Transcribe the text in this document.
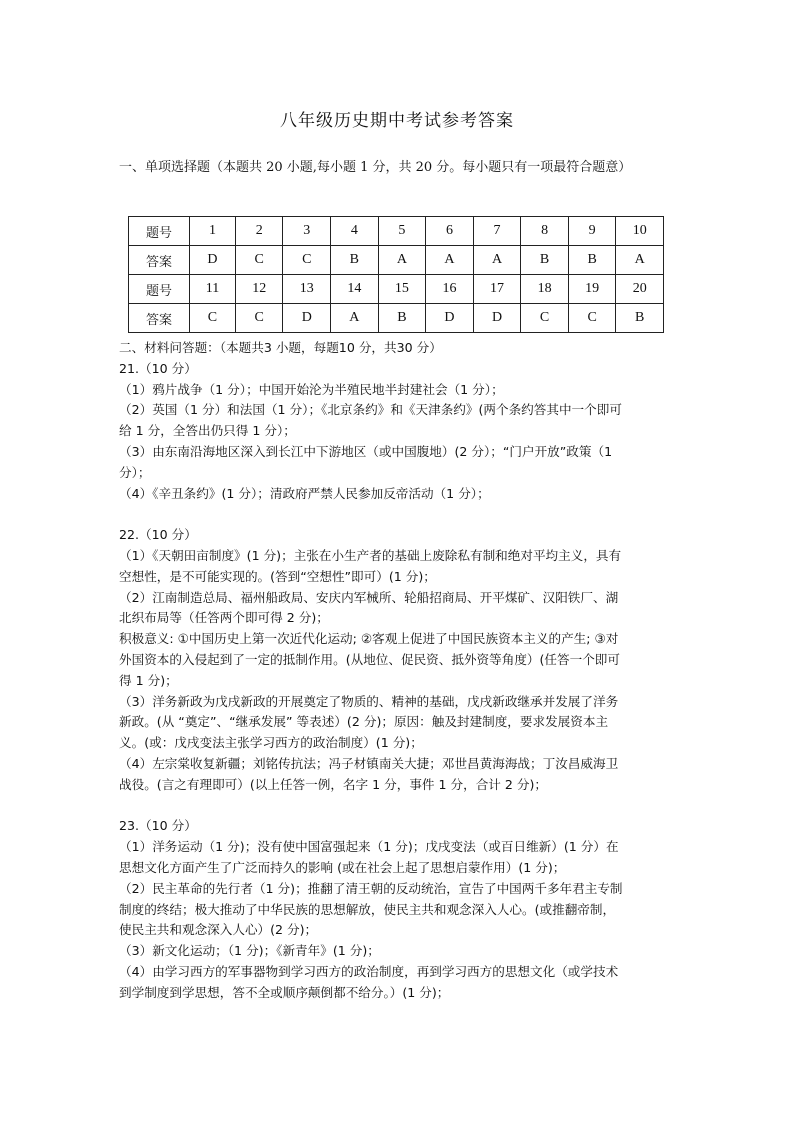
八年级历史期中考试参考答案
一、单项选择题（本题共 20 小题,每小题 1 分，共 20 分。每小题只有一项最符合题意）
题号	1	2	3	4	5	6	7	8	9	10
答案	D	C	C	B	A	A	A	B	B	A
题号	11	12	13	14	15	16	17	18	19	20
答案	C	C	D	A	B	D	D	C	C	B

二、材料问答题：（本题共3 小题，每题10 分，共30 分）

21.（10 分）

（1）鸦片战争（1 分）；中国开始沦为半殖民地半封建社会（1 分）；

（2）英国（1 分）和法国（1 分）；《北京条约》和《天津条约》(两个条约答其中一个即可

给 1 分，全答出仍只得 1 分）；

（3）由东南沿海地区深入到长江中下游地区（或中国腹地）(2 分）；“门户开放”政策（1

分）；

（4）《辛丑条约》(1 分）；清政府严禁人民参加反帝活动（1 分）；

22.（10 分）

（1）《天朝田亩制度》(1 分)；主张在小生产者的基础上废除私有制和绝对平均主义，具有

空想性，是不可能实现的。(答到“空想性”即可）(1 分)；

（2）江南制造总局、福州船政局、安庆内军械所、轮船招商局、开平煤矿、汉阳铁厂、湖

北织布局等（任答两个即可得 2 分)；

积极意义: ①中国历史上第一次近代化运动; ②客观上促进了中国民族资本主义的产生; ③对

外国资本的入侵起到了一定的抵制作用。(从地位、促民资、抵外资等角度）(任答一个即可

得 1 分)；

（3）洋务新政为戊戌新政的开展奠定了物质的、精神的基础，戊戌新政继承并发展了洋务

新政。(从 “奠定”、“继承发展” 等表述）(2 分)；原因：触及封建制度，要求发展资本主

义。(或：戊戌变法主张学习西方的政治制度）(1 分)；

（4）左宗棠收复新疆；刘铭传抗法；冯子材镇南关大捷；邓世昌黄海海战；丁汝昌威海卫

战役。(言之有理即可）(以上任答一例，名字 1 分，事件 1 分，合计 2 分)；

23.（10 分）

（1）洋务运动（1 分)；没有使中国富强起来（1 分)；戊戌变法（或百日维新）(1 分）在

思想文化方面产生了广泛而持久的影响 (或在社会上起了思想启蒙作用）(1 分)；

（2）民主革命的先行者（1 分)；推翻了清王朝的反动统治，宣告了中国两千多年君主专制

制度的终结；极大推动了中华民族的思想解放，使民主共和观念深入人心。(或推翻帝制，

使民主共和观念深入人心）(2 分)；

（3）新文化运动；（1 分)；《新青年》(1 分)；

（4）由学习西方的军事器物到学习西方的政治制度，再到学习西方的思想文化（或学技术

到学制度到学思想，答不全或顺序颠倒都不给分。）(1 分)；
